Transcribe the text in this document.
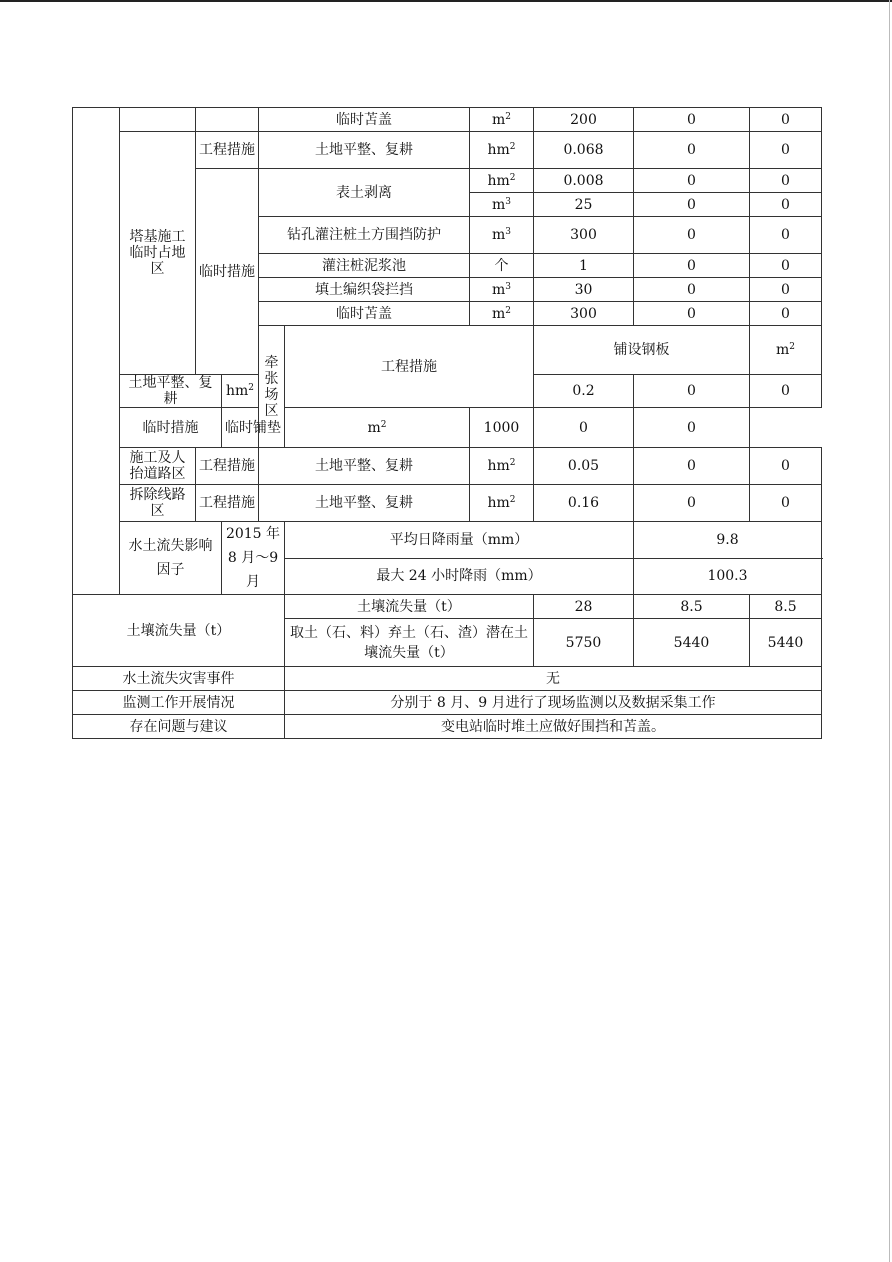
				临时苫盖		$m^2$	200	0	0	
	塔基施工临时占地区	工程措施		土地平整、复耕		$hm^2$	0.068	0	0	
		临时措施		表土剥离		$hm^2$	0.008	0	0	
						$m^3$	25	0	0	
				钻孔灌注桩土方围挡防护		$m^3$	300	0	0	
				灌注桩泥浆池		个	1	0	0	
				填土编织袋拦挡		$m^3$	30	0	0	
				临时苫盖		$m^2$	300	0	0	
				牵张场区	工程措施		铺设钢板		$m^2$			
	土地平整、复耕		$hm^2$				0.2	0	0	
	临时措施		临时铺垫		$m^2$	1000	0	0		
	施工及人抬道路区	工程措施		土地平整、复耕		$hm^2$	0.05	0	0	
	拆除线路区	工程措施		土地平整、复耕		$hm^2$	0.16	0	0	
	水土流失影响因子		2015 年 8 月～9 月		平均日降雨量（mm）			9.8		
					最大 24 小时降雨（mm）			100.3		
土壤流失量（t）					土壤流失量（t）		28	8.5	8.5	
					取土（石、料）弃土（石、渣）潜在土壤流失量（t）		5750	5440	5440	
水土流失灾害事件					无					
监测工作开展情况					分别于 8 月、9 月进行了现场监测以及数据采集工作					
存在问题与建议					变电站临时堆土应做好围挡和苫盖。					
